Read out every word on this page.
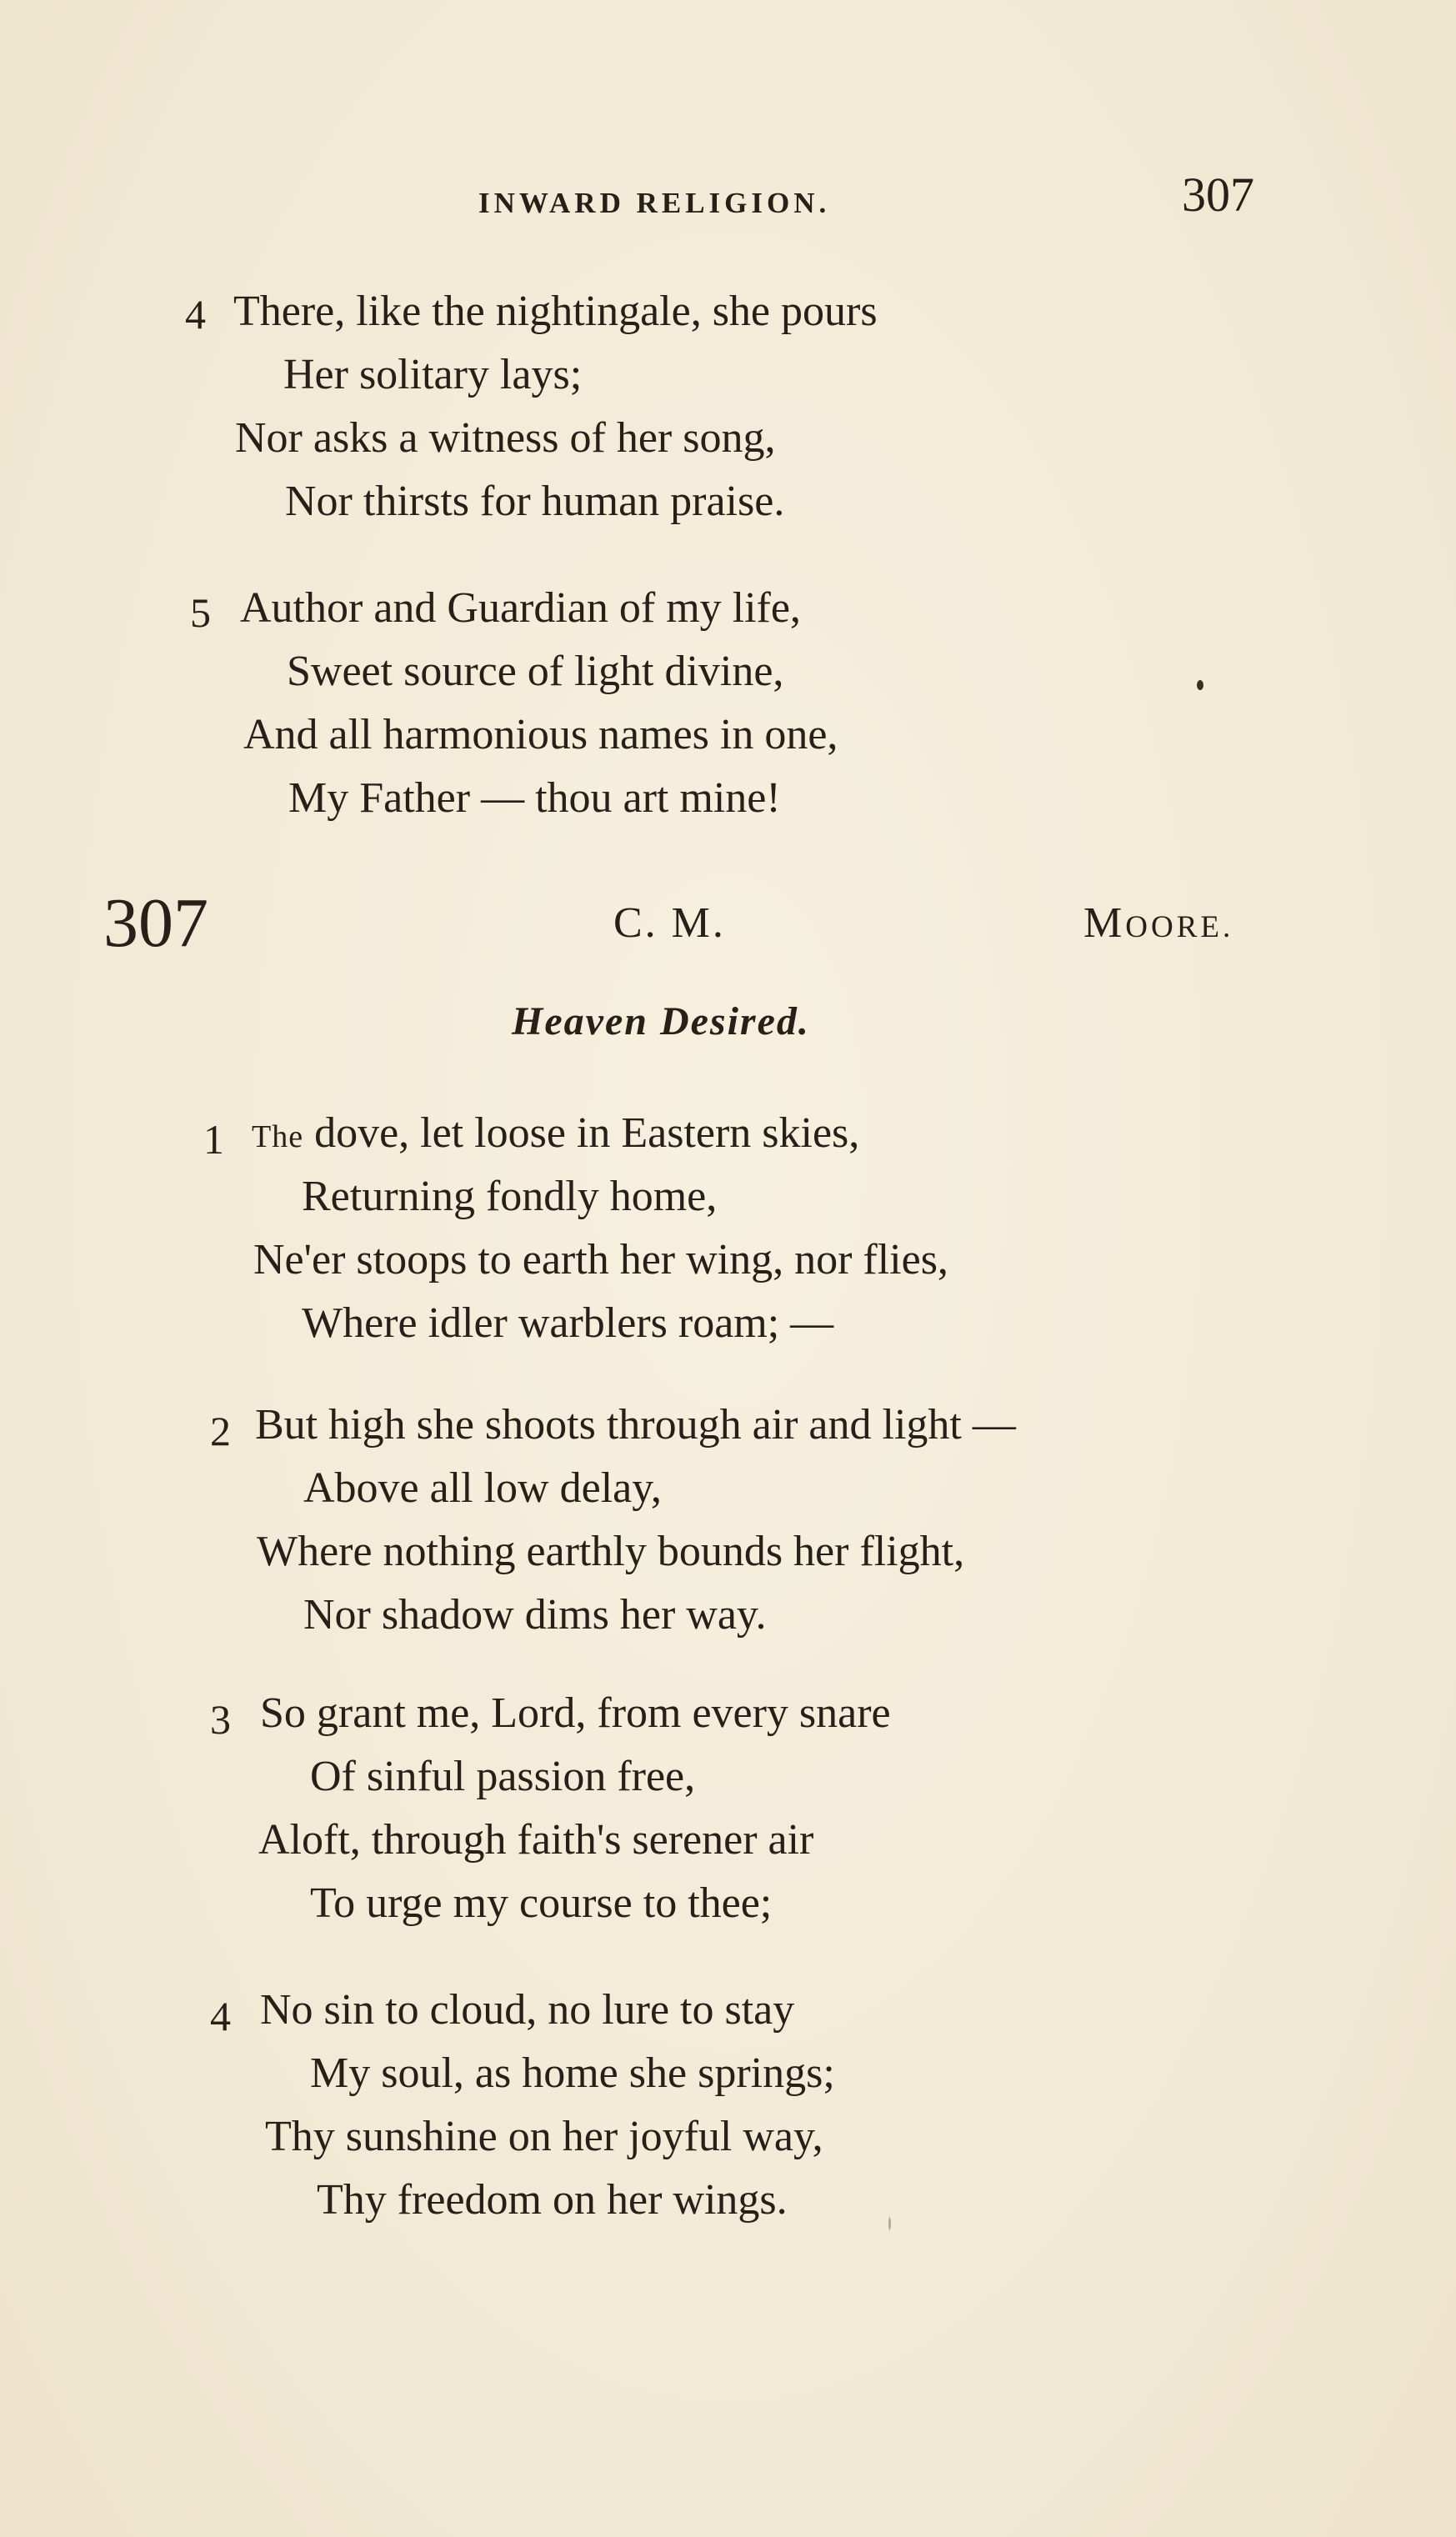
INWARD RELIGION.	307
4 There, like the nightingale, she pours
Her solitary lays;
Nor asks a witness of her song,
Nor thirsts for human praise.
5 Author and Guardian of my life,
Sweet source of light divine,
And all harmonious names in one,
My Father — thou art mine!
307	C. M.	MOORE.
Heaven Desired.
1 The dove, let loose in Eastern skies,
Returning fondly home,
Ne'er stoops to earth her wing, nor flies,
Where idler warblers roam; —
2 But high she shoots through air and light —
Above all low delay,
Where nothing earthly bounds her flight,
Nor shadow dims her way.
3 So grant me, Lord, from every snare
Of sinful passion free,
Aloft, through faith's serener air
To urge my course to thee;
4 No sin to cloud, no lure to stay
My soul, as home she springs;
Thy sunshine on her joyful way,
Thy freedom on her wings.
